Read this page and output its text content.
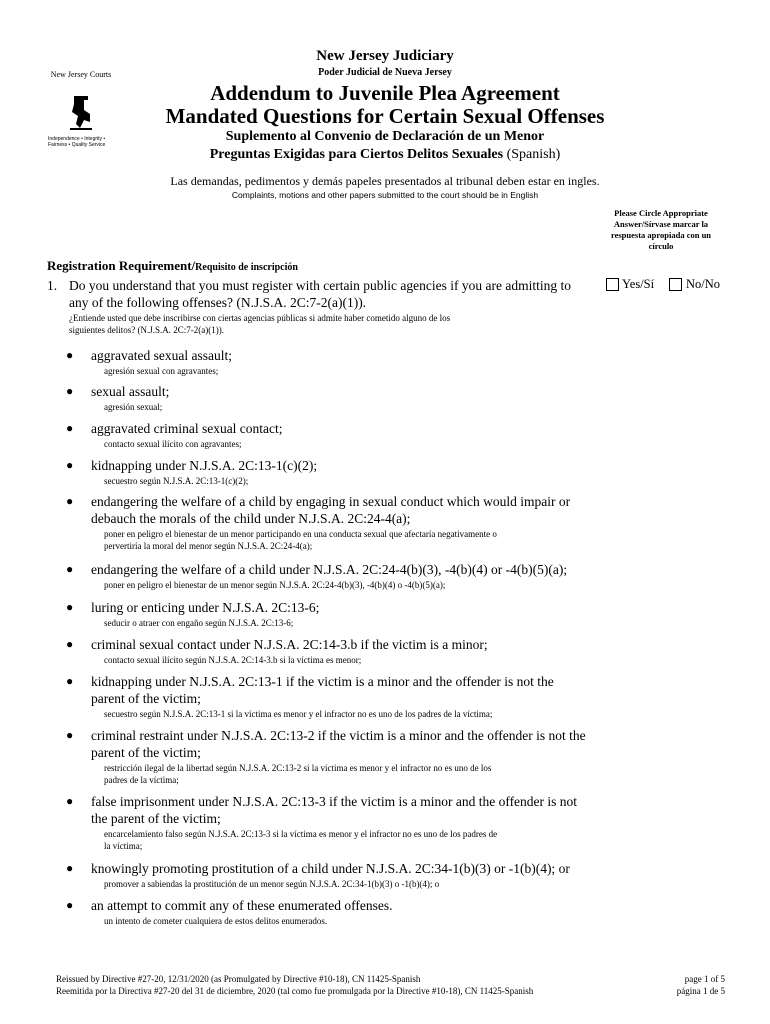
New Jersey Courts
Independence • Integrity • Fairness • Quality Service
New Jersey Judiciary
Poder Judicial de Nueva Jersey
Addendum to Juvenile Plea Agreement
Mandated Questions for Certain Sexual Offenses
Suplemento al Convenio de Declaración de un Menor
Preguntas Exigidas para Ciertos Delitos Sexuales (Spanish)
Las demandas, pedimentos y demás papeles presentados al tribunal deben estar en ingles.
Complaints, motions and other papers submitted to the court should be in English
Please Circle Appropriate Answer/Sírvase marcar la respuesta apropiada con un círculo
Registration Requirement/Requisito de inscripción
1. Do you understand that you must register with certain public agencies if you are admitting to
any of the following offenses? (N.J.S.A. 2C:7-2(a)(1)).
¿Entiende usted que debe inscribirse con ciertas agencias públicas si admite haber cometido alguno de los
siguientes delitos? (N.J.S.A. 2C:7-2(a)(1)).
Yes/Sí	No/No
● aggravated sexual assault;
agresión sexual con agravantes;
● sexual assault;
agresión sexual;
● aggravated criminal sexual contact;
contacto sexual ilícito con agravantes;
● kidnapping under N.J.S.A. 2C:13-1(c)(2);
secuestro según N.J.S.A. 2C:13-1(c)(2);
● endangering the welfare of a child by engaging in sexual conduct which would impair or
debauch the morals of the child under N.J.S.A. 2C:24-4(a);
poner en peligro el bienestar de un menor participando en una conducta sexual que afectaría negativamente o
pervertiría la moral del menor según N.J.S.A. 2C:24-4(a);
● endangering the welfare of a child under N.J.S.A. 2C:24-4(b)(3), -4(b)(4) or -4(b)(5)(a);
poner en peligro el bienestar de un menor según N.J.S.A. 2C:24-4(b)(3), -4(b)(4) o -4(b)(5)(a);
● luring or enticing under N.J.S.A. 2C:13-6;
seducir o atraer con engaño según N.J.S.A. 2C:13-6;
● criminal sexual contact under N.J.S.A. 2C:14-3.b if the victim is a minor;
contacto sexual ilícito según N.J.S.A. 2C:14-3.b si la víctima es menor;
● kidnapping under N.J.S.A. 2C:13-1 if the victim is a minor and the offender is not the
parent of the victim;
secuestro según N.J.S.A. 2C:13-1 si la víctima es menor y el infractor no es uno de los padres de la víctima;
● criminal restraint under N.J.S.A. 2C:13-2 if the victim is a minor and the offender is not the
parent of the victim;
restricción ilegal de la libertad según N.J.S.A. 2C:13-2 si la víctima es menor y el infractor no es uno de los
padres de la víctima;
● false imprisonment under N.J.S.A. 2C:13-3 if the victim is a minor and the offender is not
the parent of the victim;
encarcelamiento falso según N.J.S.A. 2C:13-3 si la víctima es menor y el infractor no es uno de los padres de
la víctima;
● knowingly promoting prostitution of a child under N.J.S.A. 2C:34-1(b)(3) or -1(b)(4); or
promover a sabiendas la prostitución de un menor según N.J.S.A. 2C:34-1(b)(3) o -1(b)(4); o
● an attempt to commit any of these enumerated offenses.
un intento de cometer cualquiera de estos delitos enumerados.
Reissued by Directive #27-20, 12/31/2020 (as Promulgated by Directive #10-18), CN 11425-Spanish
Reemitida por la Directiva #27-20 del 31 de diciembre, 2020 (tal como fue promulgada por la Directive #10-18), CN 11425-Spanish
page 1 of 5
página 1 de 5
